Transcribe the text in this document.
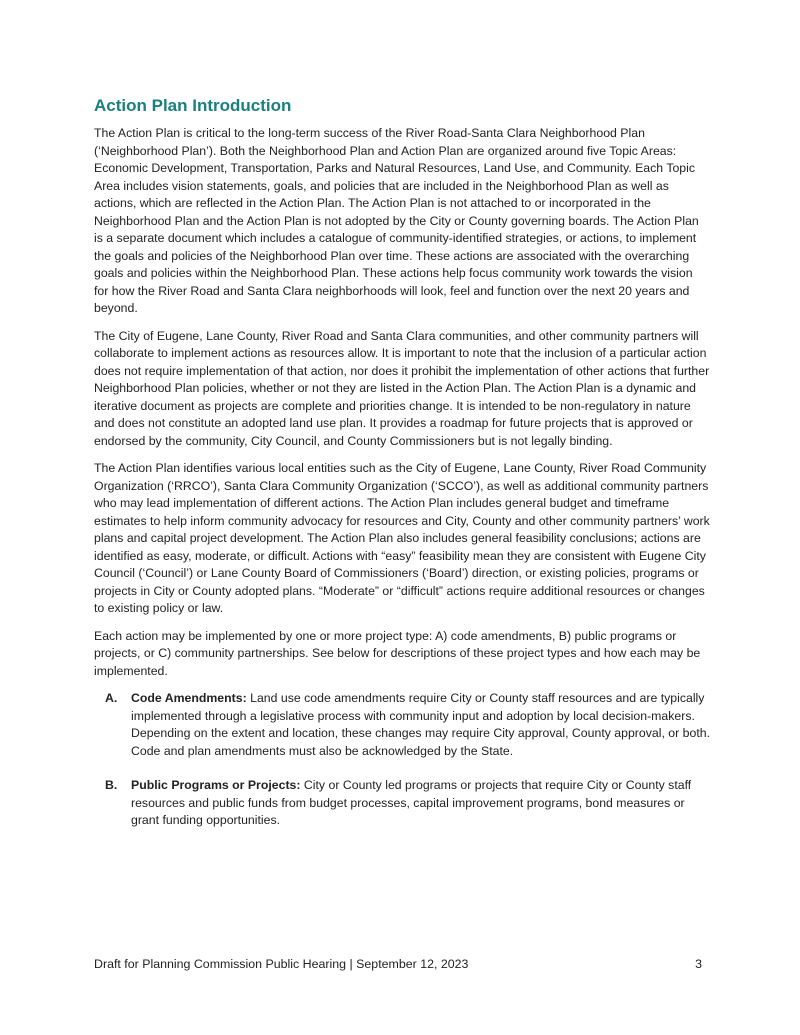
Action Plan Introduction

The Action Plan is critical to the long-term success of the River Road-Santa Clara Neighborhood Plan (‘Neighborhood Plan’). Both the Neighborhood Plan and Action Plan are organized around five Topic Areas: Economic Development, Transportation, Parks and Natural Resources, Land Use, and Community. Each Topic Area includes vision statements, goals, and policies that are included in the Neighborhood Plan as well as actions, which are reflected in the Action Plan. The Action Plan is not attached to or incorporated in the Neighborhood Plan and the Action Plan is not adopted by the City or County governing boards. The Action Plan is a separate document which includes a catalogue of community-identified strategies, or actions, to implement the goals and policies of the Neighborhood Plan over time. These actions are associated with the overarching goals and policies within the Neighborhood Plan. These actions help focus community work towards the vision for how the River Road and Santa Clara neighborhoods will look, feel and function over the next 20 years and beyond.

The City of Eugene, Lane County, River Road and Santa Clara communities, and other community partners will collaborate to implement actions as resources allow. It is important to note that the inclusion of a particular action does not require implementation of that action, nor does it prohibit the implementation of other actions that further Neighborhood Plan policies, whether or not they are listed in the Action Plan. The Action Plan is a dynamic and iterative document as projects are complete and priorities change. It is intended to be non-regulatory in nature and does not constitute an adopted land use plan. It provides a roadmap for future projects that is approved or endorsed by the community, City Council, and County Commissioners but is not legally binding.

The Action Plan identifies various local entities such as the City of Eugene, Lane County, River Road Community Organization (‘RRCO’), Santa Clara Community Organization (‘SCCO’), as well as additional community partners who may lead implementation of different actions. The Action Plan includes general budget and timeframe estimates to help inform community advocacy for resources and City, County and other community partners’ work plans and capital project development. The Action Plan also includes general feasibility conclusions; actions are identified as easy, moderate, or difficult. Actions with “easy” feasibility mean they are consistent with Eugene City Council (‘Council’) or Lane County Board of Commissioners (‘Board’) direction, or existing policies, programs or projects in City or County adopted plans. “Moderate” or “difficult” actions require additional resources or changes to existing policy or law.

Each action may be implemented by one or more project type: A) code amendments, B) public programs or projects, or C) community partnerships. See below for descriptions of these project types and how each may be implemented.

A.	Code Amendments: Land use code amendments require City or County staff resources and are typically implemented through a legislative process with community input and adoption by local decision-makers. Depending on the extent and location, these changes may require City approval, County approval, or both. Code and plan amendments must also be acknowledged by the State.
B.	Public Programs or Projects: City or County led programs or projects that require City or County staff resources and public funds from budget processes, capital improvement programs, bond measures or grant funding opportunities.
Draft for Planning Commission Public Hearing | September 12, 2023	3
